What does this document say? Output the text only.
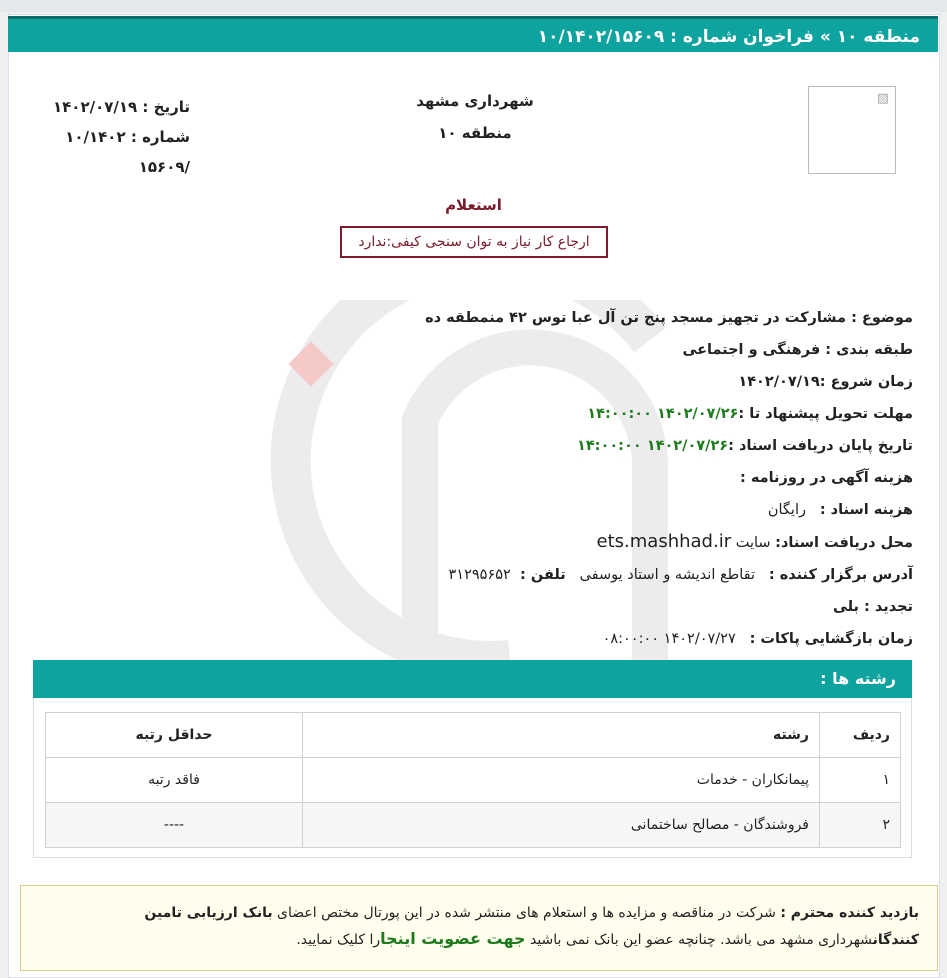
منطقه ۱۰ » فراخوان شماره : ۱۰/۱۴۰۲/۱۵۶۰۹
▨
شهرداری مشهد
منطقه ۱۰
تاریخ : ۱۴۰۲/۰۷/۱۹
شماره : ۱۰/۱۴۰۲
/۱۵۶۰۹
استعلام
ارجاع کار نیاز به توان سنجی کیفی:ندارد
موضوع : مشارکت در تجهیز مسجد پنج تن آل عبا توس ۴۲ منمطقه ده
طبقه بندی : فرهنگی و اجتماعی
زمان شروع :۱۴۰۲/۰۷/۱۹
مهلت تحویل پیشنهاد تا :۱۴۰۲/۰۷/۲۶ ۱۴:۰۰:۰۰
تاریخ پایان دریافت اسناد :۱۴۰۲/۰۷/۲۶ ۱۴:۰۰:۰۰
هزینه آگهی در روزنامه :
هزینه اسناد :   رایگان
محل دریافت اسناد: سایت ets.mashhad.ir
آدرس برگزار کننده :   تقاطع اندیشه و استاد یوسفی   تلفن :  ۳۱۲۹۵۶۵۲
تجدید : بلی
زمان بازگشایی پاکات :   ۱۴۰۲/۰۷/۲۷ ۰۸:۰۰:۰۰
رشته ها :
ردیف	رشته	حداقل رتبه
۱	پیمانکاران - خدمات	فاقد رتبه
۲	فروشندگان - مصالح ساختمانی	----
بازدید کننده محترم : شرکت در مناقصه و مزایده ها و استعلام های منتشر شده در این پورتال مختص اعضای بانک ارزیابی تامین کنندگانشهرداری مشهد می باشد. چنانچه عضو این بانک نمی باشید جهت عضویت اینجارا کلیک نمایید.
